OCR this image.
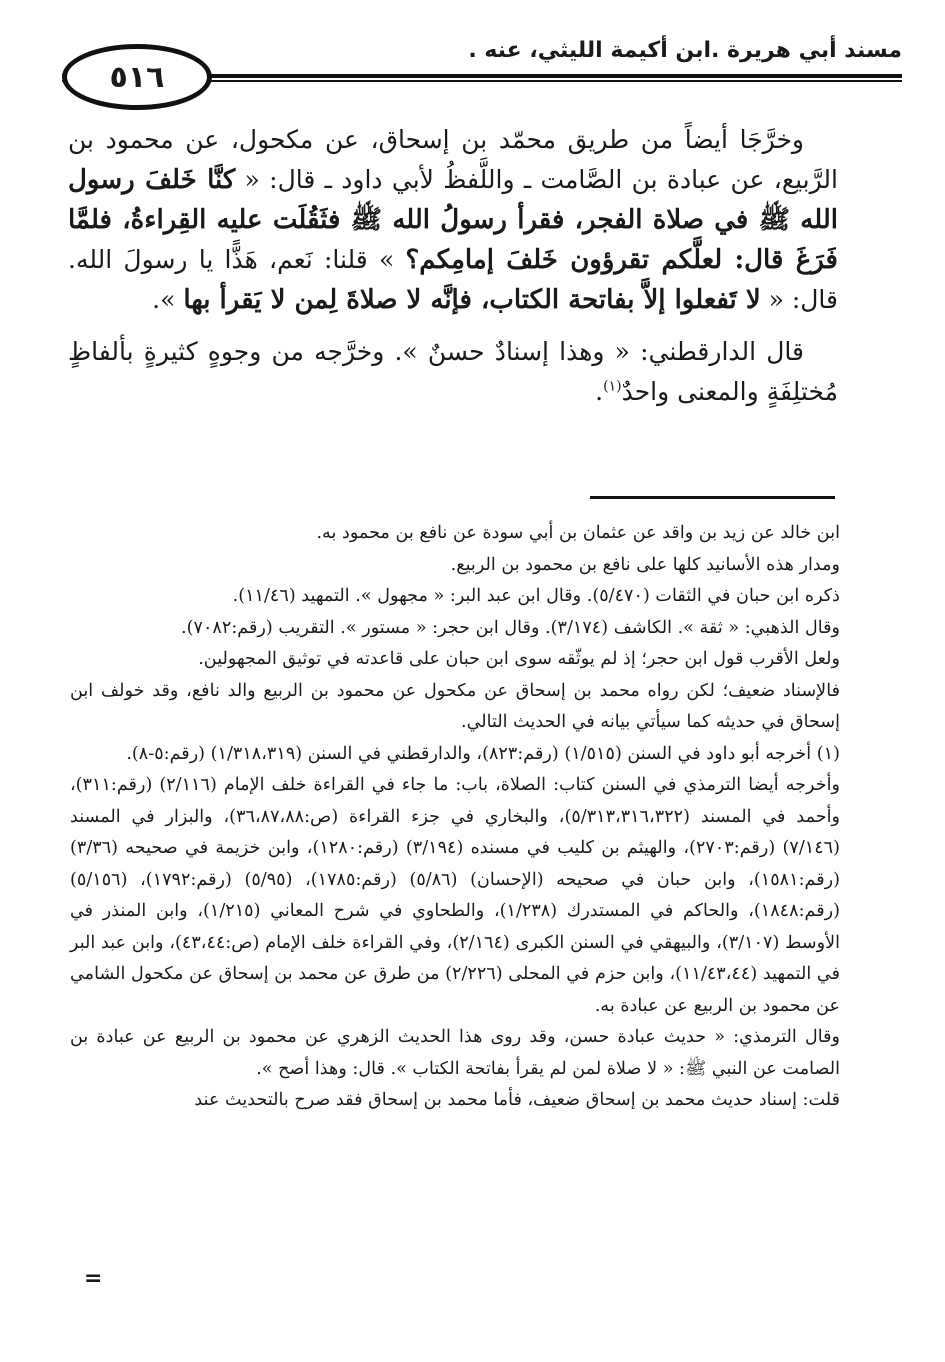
مسند أبي هريرة .ابن أكيمة الليثي، عنه .
٥١٦

وخرَّجَا أيضاً من طريق محمّد بن إسحاق، عن مكحول، عن محمود بن الرَّبيع، عن عبادة بن الصَّامت ـ واللَّفظُ لأبي داود ـ قال: « كنَّا خَلفَ رسول الله ﷺ في صلاة الفجر، فقرأ رسولُ الله ﷺ فثَقُلَت عليه القِراءةُ، فلمَّا فَرَغَ قال: لعلَّكم تقرؤون خَلفَ إمامِكم؟ » قلنا: نَعم، هَذًّا يا رسولَ الله. قال: « لا تَفعلوا إلاَّ بفاتحة الكتاب، فإنَّه لا صلاةَ لِمن لا يَقرأ بها ».

قال الدارقطني: « وهذا إسنادٌ حسنٌ ». وخرَّجه من وجوهٍ كثيرةٍ بألفاظٍ مُختلِفَةٍ والمعنى واحدٌ$^{(١)}$.

ابن خالد عن زيد بن واقد عن عثمان بن أبي سودة عن نافع بن محمود به.

ومدار هذه الأسانيد كلها على نافع بن محمود بن الربيع.

ذكره ابن حبان في الثقات (٥/٤٧٠). وقال ابن عبد البر: « مجهول ». التمهيد (١١/٤٦).

وقال الذهبي: « ثقة ». الكاشف (٣/١٧٤). وقال ابن حجر: « مستور ». التقريب (رقم:٧٠٨٢).

ولعل الأقرب قول ابن حجر؛ إذ لم يوثّقه سوى ابن حبان على قاعدته في توثيق المجهولين.

فالإسناد ضعيف؛ لكن رواه محمد بن إسحاق عن مكحول عن محمود بن الربيع والد نافع، وقد خولف ابن إسحاق في حديثه كما سيأتي بيانه في الحديث التالي.

(١) أخرجه أبو داود في السنن (١/٥١٥) (رقم:٨٢٣)، والدارقطني في السنن (١/٣١٨،٣١٩) (رقم:٥-٨).

وأخرجه أيضا الترمذي في السنن كتاب: الصلاة، باب: ما جاء في القراءة خلف الإمام (٢/١١٦) (رقم:٣١١)، وأحمد في المسند (٥/٣١٣،٣١٦،٣٢٢)، والبخاري في جزء القراءة (ص:٣٦،٨٧،٨٨)، والبزار في المسند (٧/١٤٦) (رقم:٢٧٠٣)، والهيثم بن كليب في مسنده (٣/١٩٤) (رقم:١٢٨٠)، وابن خزيمة في صحيحه (٣/٣٦) (رقم:١٥٨١)، وابن حبان في صحيحه (الإحسان) (٥/٨٦) (رقم:١٧٨٥)، (٥/٩٥) (رقم:١٧٩٢)، (٥/١٥٦) (رقم:١٨٤٨)، والحاكم في المستدرك (١/٢٣٨)، والطحاوي في شرح المعاني (١/٢١٥)، وابن المنذر في الأوسط (٣/١٠٧)، والبيهقي في السنن الكبرى (٢/١٦٤)، وفي القراءة خلف الإمام (ص:٤٣،٤٤)، وابن عبد البر في التمهيد (١١/٤٣،٤٤)، وابن حزم في المحلى (٢/٢٢٦) من طرق عن محمد بن إسحاق عن مكحول الشامي عن محمود بن الربيع عن عبادة به.

وقال الترمذي: « حديث عبادة حسن، وقد روى هذا الحديث الزهري عن محمود بن الربيع عن عبادة بن الصامت عن النبي ﷺ: « لا صلاة لمن لم يقرأ بفاتحة الكتاب ». قال: وهذا أصح ».

قلت: إسناد حديث محمد بن إسحاق ضعيف، فأما محمد بن إسحاق فقد صرح بالتحديث عند

=
